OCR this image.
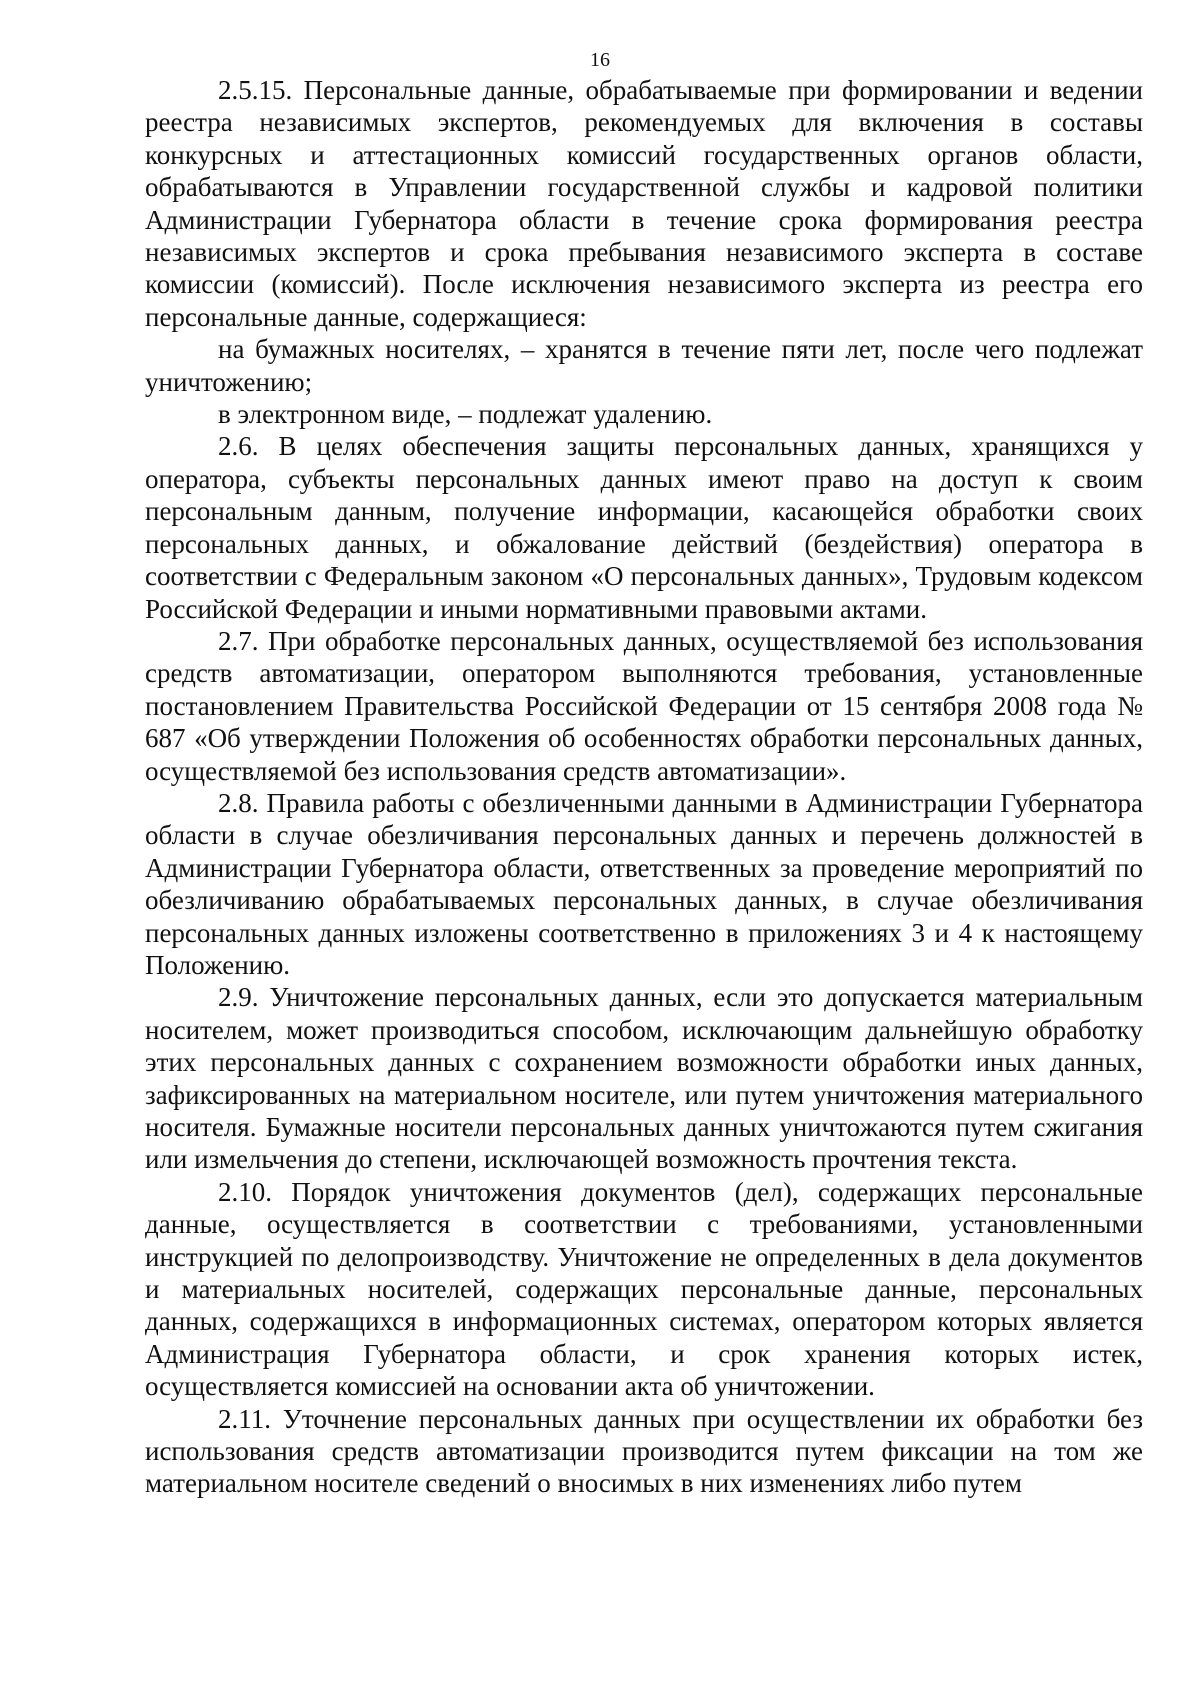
16

2.5.15. Персональные данные, обрабатываемые при формировании и ведении реестра независимых экспертов, рекомендуемых для включения в составы конкурсных и аттестационных комиссий государственных органов области, обрабатываются в Управлении государственной службы и кадровой политики Администрации Губернатора области в течение срока формирования реестра независимых экспертов и срока пребывания независимого эксперта в составе комиссии (комиссий). После исключения независимого эксперта из реестра его персональные данные, содержащиеся:

на бумажных носителях, – хранятся в течение пяти лет, после чего подлежат уничтожению;

в электронном виде, – подлежат удалению.

2.6. В целях обеспечения защиты персональных данных, хранящихся у оператора, субъекты персональных данных имеют право на доступ к своим персональным данным, получение информации, касающейся обработки своих персональных данных, и обжалование действий (бездействия) оператора в соответствии с Федеральным законом «О персональных данных», Трудовым кодексом Российской Федерации и иными нормативными правовыми актами.

2.7. При обработке персональных данных, осуществляемой без использования средств автоматизации, оператором выполняются требования, установленные постановлением Правительства Российской Федерации от 15 сентября 2008 года № 687 «Об утверждении Положения об особенностях обработки персональных данных, осуществляемой без использования средств автоматизации».

2.8. Правила работы с обезличенными данными в Администрации Губернатора области в случае обезличивания персональных данных и перечень должностей в Администрации Губернатора области, ответственных за проведение мероприятий по обезличиванию обрабатываемых персональных данных, в случае обезличивания персональных данных изложены соответственно в приложениях 3 и 4 к настоящему Положению.

2.9. Уничтожение персональных данных, если это допускается материальным носителем, может производиться способом, исключающим дальнейшую обработку этих персональных данных с сохранением возможности обработки иных данных, зафиксированных на материальном носителе, или путем уничтожения материального носителя. Бумажные носители персональных данных уничтожаются путем сжигания или измельчения до степени, исключающей возможность прочтения текста.

2.10. Порядок уничтожения документов (дел), содержащих персональные данные, осуществляется в соответствии с требованиями, установленными инструкцией по делопроизводству. Уничтожение не определенных в дела документов и материальных носителей, содержащих персональные данные, персональных данных, содержащихся в информационных системах, оператором которых является Администрация Губернатора области, и срок хранения которых истек, осуществляется комиссией на основании акта об уничтожении.

2.11. Уточнение персональных данных при осуществлении их обработки без использования средств автоматизации производится путем фиксации на том же материальном носителе сведений о вносимых в них изменениях либо путем
